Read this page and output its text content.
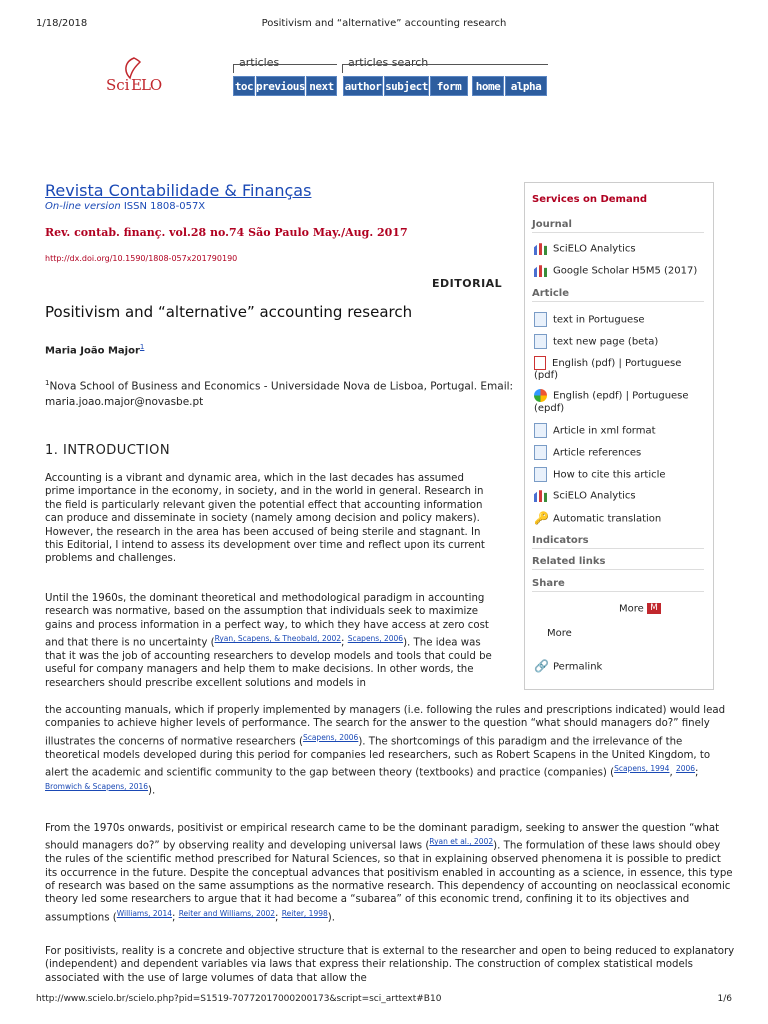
1/18/2018	Positivism and “alternative” accounting research
Sci ELO
articles	articles search
toc previous next author subject form	home alpha
Revista Contabilidade & Finanças
On-line version ISSN 1808-057X
Rev. contab. finanç. vol.28 no.74 São Paulo May./Aug. 2017
http://dx.doi.org/10.1590/1808-057x201790190
EDITORIAL
Positivism and “alternative” accounting research
Maria João Major$^1$
$^1$Nova School of Business and Economics - Universidade Nova de Lisboa, Portugal. Email: maria.joao.major@novasbe.pt
1. INTRODUCTION

Accounting is a vibrant and dynamic area, which in the last decades has assumed prime importance in the economy, in society, and in the world in general. Research in the field is particularly relevant given the potential effect that accounting information can produce and disseminate in society (namely among decision and policy makers). However, the research in the area has been accused of being sterile and stagnant. In this Editorial, I intend to assess its development over time and reflect upon its current problems and challenges.

Until the 1960s, the dominant theoretical and methodological paradigm in accounting research was normative, based on the assumption that individuals seek to maximize gains and process information in a perfect way, to which they have access at zero cost and that there is no uncertainty ($^{Ryan, Scapens, \& Theobald, 2002}$; $^{Scapens, 2006}$). The idea was that it was the job of accounting researchers to develop models and tools that could be useful for company managers and help them to make decisions. In other words, the researchers should prescribe excellent solutions and models in

the accounting manuals, which if properly implemented by managers (i.e. following the rules and prescriptions indicated) would lead companies to achieve higher levels of performance. The search for the answer to the question “what should managers do?” finely illustrates the concerns of normative researchers ($^{Scapens, 2006}$). The shortcomings of this paradigm and the irrelevance of the theoretical models developed during this period for companies led researchers, such as Robert Scapens in the United Kingdom, to alert the academic and scientific community to the gap between theory (textbooks) and practice (companies) ($^{Scapens, 1994}$, $^{2006}$; $^{Bromwich \& Scapens, 2016}$).

From the 1970s onwards, positivist or empirical research came to be the dominant paradigm, seeking to answer the question “what should managers do?” by observing reality and developing universal laws ($^{Ryan et al., 2002}$). The formulation of these laws should obey the rules of the scientific method prescribed for Natural Sciences, so that in explaining observed phenomena it is possible to predict its occurrence in the future. Despite the conceptual advances that positivism enabled in accounting as a science, in essence, this type of research was based on the same assumptions as the normative research. This dependency of accounting on neoclassical economic theory led some researchers to argue that it had become a “subarea” of this economic trend, confining it to its objectives and assumptions ($^{Williams, 2014}$; $^{Reiter and Williams, 2002}$; $^{Reiter, 1998}$).

For positivists, reality is a concrete and objective structure that is external to the researcher and open to being reduced to explanatory (independent) and dependent variables via laws that express their relationship. The construction of complex statistical models associated with the use of large volumes of data that allow the

Services on Demand
Journal
SciELO Analytics
Google Scholar H5M5 (2017)
Article
text in Portuguese
text new page (beta)
English (pdf) | Portuguese (pdf)
English (epdf) | Portuguese (epdf)
Article in xml format
Article references
How to cite this article
SciELO Analytics
🔑 Automatic translation
Indicators
Related links
Share
More M
More
🔗 Permalink
http://www.scielo.br/scielo.php?pid=S1519-70772017000200173&script=sci_arttext#B10	1/6
